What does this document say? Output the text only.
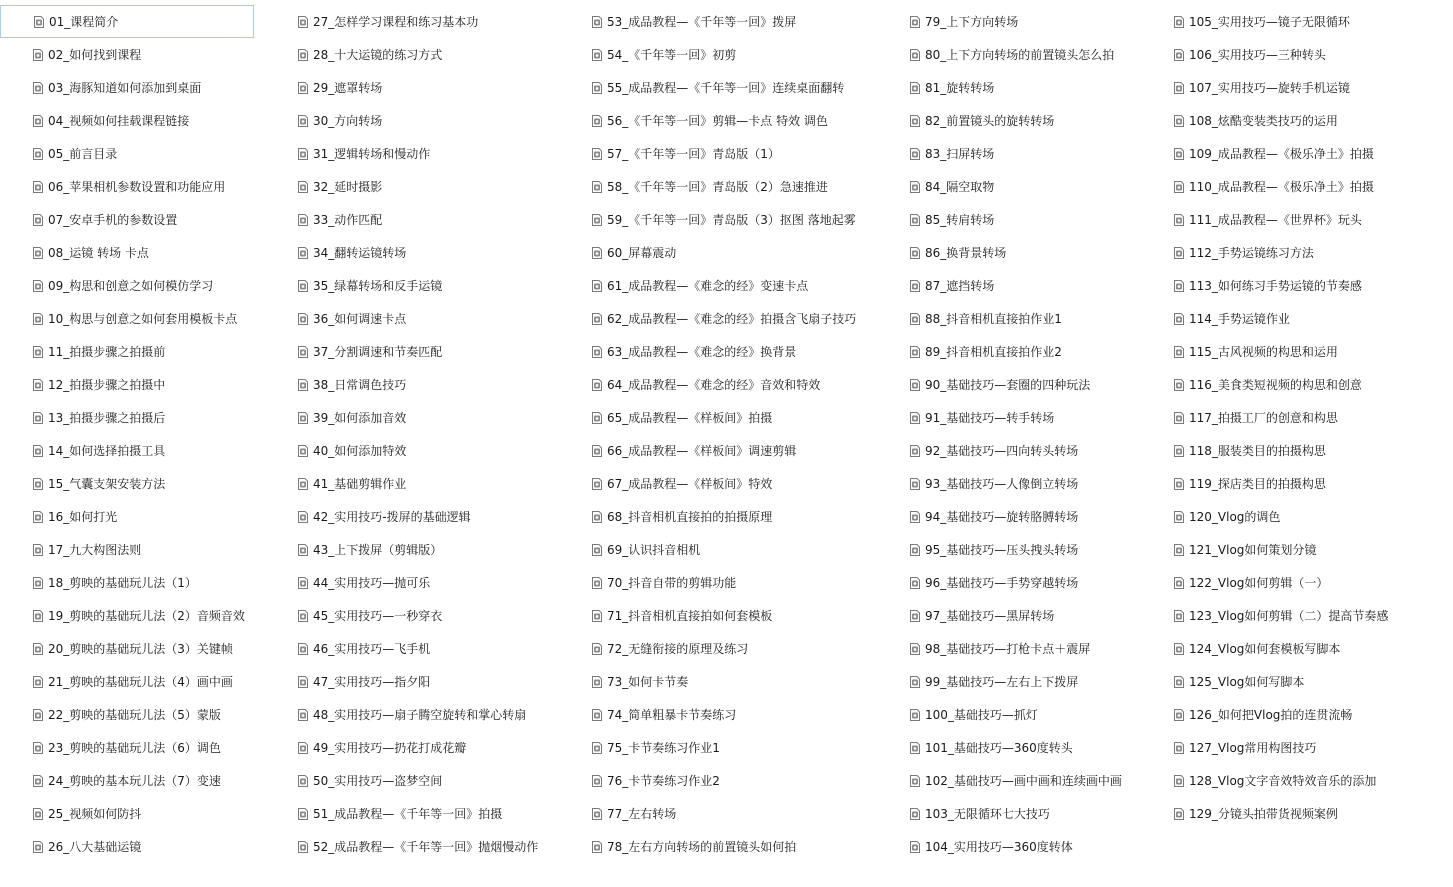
01_课程简介
02_如何找到课程
03_海豚知道如何添加到桌面
04_视频如何挂载课程链接
05_前言目录
06_苹果相机参数设置和功能应用
07_安卓手机的参数设置
08_运镜 转场 卡点
09_构思和创意之如何模仿学习
10_构思与创意之如何套用模板卡点
11_拍摄步骤之拍摄前
12_拍摄步骤之拍摄中
13_拍摄步骤之拍摄后
14_如何选择拍摄工具
15_气囊支架安装方法
16_如何打光
17_九大构图法则
18_剪映的基础玩儿法（1）
19_剪映的基础玩儿法（2）音频音效
20_剪映的基础玩儿法（3）关键帧
21_剪映的基础玩儿法（4）画中画
22_剪映的基础玩儿法（5）蒙版
23_剪映的基础玩儿法（6）调色
24_剪映的基本玩儿法（7）变速
25_视频如何防抖
26_八大基础运镜
27_怎样学习课程和练习基本功
28_十大运镜的练习方式
29_遮罩转场
30_方向转场
31_逻辑转场和慢动作
32_延时摄影
33_动作匹配
34_翻转运镜转场
35_绿幕转场和反手运镜
36_如何调速卡点
37_分割调速和节奏匹配
38_日常调色技巧
39_如何添加音效
40_如何添加特效
41_基础剪辑作业
42_实用技巧-拨屏的基础逻辑
43_上下拨屏（剪辑版）
44_实用技巧—抛可乐
45_实用技巧—一秒穿衣
46_实用技巧—飞手机
47_实用技巧—指夕阳
48_实用技巧—扇子腾空旋转和掌心转扇
49_实用技巧—扔花打成花瓣
50_实用技巧—盗梦空间
51_成品教程—《千年等一回》拍摄
52_成品教程—《千年等一回》抛烟慢动作
53_成品教程—《千年等一回》拨屏
54_《千年等一回》初剪
55_成品教程—《千年等一回》连续桌面翻转
56_《千年等一回》剪辑—卡点 特效 调色
57_《千年等一回》青岛版（1）
58_《千年等一回》青岛版（2）急速推进
59_《千年等一回》青岛版（3）抠图 落地起雾
60_屏幕震动
61_成品教程—《难念的经》变速卡点
62_成品教程—《难念的经》拍摄含飞扇子技巧
63_成品教程—《难念的经》换背景
64_成品教程—《难念的经》音效和特效
65_成品教程—《样板间》拍摄
66_成品教程—《样板间》调速剪辑
67_成品教程—《样板间》特效
68_抖音相机直接拍的拍摄原理
69_认识抖音相机
70_抖音自带的剪辑功能
71_抖音相机直接拍如何套模板
72_无缝衔接的原理及练习
73_如何卡节奏
74_简单粗暴卡节奏练习
75_卡节奏练习作业1
76_卡节奏练习作业2
77_左右转场
78_左右方向转场的前置镜头如何拍
79_上下方向转场
80_上下方向转场的前置镜头怎么拍
81_旋转转场
82_前置镜头的旋转转场
83_扫屏转场
84_隔空取物
85_转肩转场
86_换背景转场
87_遮挡转场
88_抖音相机直接拍作业1
89_抖音相机直接拍作业2
90_基础技巧—套圈的四种玩法
91_基础技巧—转手转场
92_基础技巧—四向转头转场
93_基础技巧—人像倒立转场
94_基础技巧—旋转胳膊转场
95_基础技巧—压头拽头转场
96_基础技巧—手势穿越转场
97_基础技巧—黑屏转场
98_基础技巧—打枪卡点＋震屏
99_基础技巧—左右上下拨屏
100_基础技巧—抓灯
101_基础技巧—360度转头
102_基础技巧—画中画和连续画中画
103_无限循环七大技巧
104_实用技巧—360度转体
105_实用技巧—镜子无限循环
106_实用技巧—三种转头
107_实用技巧—旋转手机运镜
108_炫酷变装类技巧的运用
109_成品教程—《极乐净土》拍摄
110_成品教程—《极乐净土》拍摄
111_成品教程—《世界杯》玩头
112_手势运镜练习方法
113_如何练习手势运镜的节奏感
114_手势运镜作业
115_古风视频的构思和运用
116_美食类短视频的构思和创意
117_拍摄工厂的创意和构思
118_服装类目的拍摄构思
119_探店类目的拍摄构思
120_Vlog的调色
121_Vlog如何策划分镜
122_Vlog如何剪辑（一）
123_Vlog如何剪辑（二）提高节奏感
124_Vlog如何套模板写脚本
125_Vlog如何写脚本
126_如何把Vlog拍的连贯流畅
127_Vlog常用构图技巧
128_Vlog文字音效特效音乐的添加
129_分镜头拍带货视频案例
